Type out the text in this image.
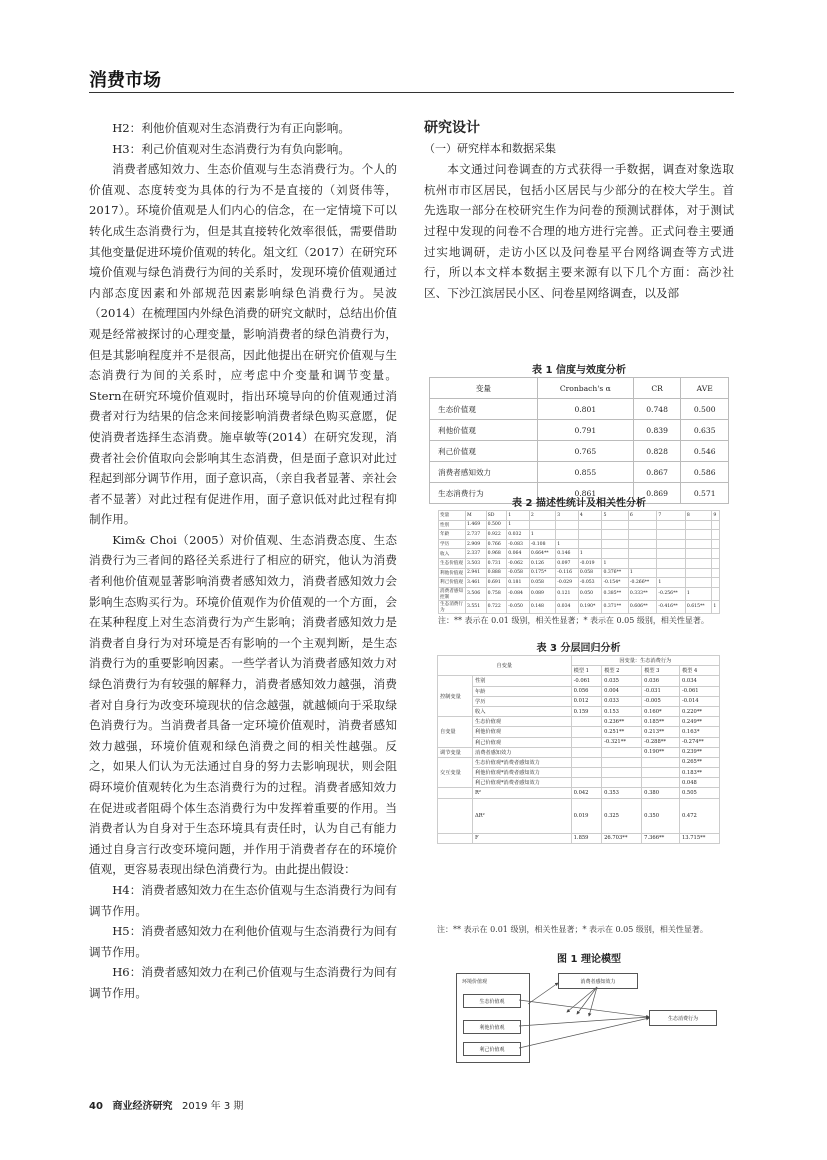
消费市场

H2：利他价值观对生态消费行为有正向影响。

H3：利己价值观对生态消费行为有负向影响。

消费者感知效力、生态价值观与生态消费行为。个人的价值观、态度转变为具体的行为不是直接的（刘贤伟等，2017）。环境价值观是人们内心的信念，在一定情境下可以转化成生态消费行为，但是其直接转化效率很低，需要借助其他变量促进环境价值观的转化。俎文红（2017）在研究环境价值观与绿色消费行为间的关系时，发现环境价值观通过内部态度因素和外部规范因素影响绿色消费行为。吴波（2014）在梳理国内外绿色消费的研究文献时，总结出价值观是经常被探讨的心理变量，影响消费者的绿色消费行为，但是其影响程度并不是很高，因此他提出在研究价值观与生态消费行为间的关系时，应考虑中介变量和调节变量。Stern在研究环境价值观时，指出环境导向的价值观通过消费者对行为结果的信念来间接影响消费者绿色购买意愿，促使消费者选择生态消费。施卓敏等(2014）在研究发现，消费者社会价值取向会影响其生态消费，但是面子意识对此过程起到部分调节作用，面子意识高，（亲自我者显著、亲社会者不显著）对此过程有促进作用，面子意识低对此过程有抑制作用。

Kim& Choi（2005）对价值观、生态消费态度、生态消费行为三者间的路径关系进行了相应的研究，他认为消费者利他价值观显著影响消费者感知效力，消费者感知效力会影响生态购买行为。环境价值观作为价值观的一个方面，会在某种程度上对生态消费行为产生影响；消费者感知效力是消费者自身行为对环境是否有影响的一个主观判断，是生态消费行为的重要影响因素。一些学者认为消费者感知效力对绿色消费行为有较强的解释力，消费者感知效力越强，消费者对自身行为改变环境现状的信念越强，就越倾向于采取绿色消费行为。当消费者具备一定环境价值观时，消费者感知效力越强，环境价值观和绿色消费之间的相关性越强。反之，如果人们认为无法通过自身的努力去影响现状，则会阻碍环境价值观转化为生态消费行为的过程。消费者感知效力在促进或者阻碍个体生态消费行为中发挥着重要的作用。当消费者认为自身对于生态环境具有责任时，认为自己有能力通过自身言行改变环境问题，并作用于消费者存在的环境价值观，更容易表现出绿色消费行为。由此提出假设：

H4：消费者感知效力在生态价值观与生态消费行为间有调节作用。

H5：消费者感知效力在利他价值观与生态消费行为间有调节作用。

H6：消费者感知效力在利己价值观与生态消费行为间有调节作用。

研究设计

（一）研究样本和数据采集

本文通过问卷调查的方式获得一手数据，调查对象选取杭州市市区居民，包括小区居民与少部分的在校大学生。首先选取一部分在校研究生作为问卷的预测试群体，对于测试过程中发现的问卷不合理的地方进行完善。正式问卷主要通过实地调研，走访小区以及问卷星平台网络调查等方式进行，所以本文样本数据主要来源有以下几个方面：高沙社区、下沙江滨居民小区、问卷星网络调查，以及部

表 1 信度与效度分析
变量	Cronbach's α	CR	AVE
生态价值观	0.801	0.748	0.500
利他价值观	0.791	0.839	0.635
利己价值观	0.765	0.828	0.546
消费者感知效力	0.855	0.867	0.586
生态消费行为	0.861	0.869	0.571
表 2 描述性统计及相关性分析
变量	M	SD	1	2	3	4	5	6	7	8	9
性别	1.469	0.500	1								
年龄	2.737	0.922	0.032	1							
学历	2.909	0.766	-0.083	-0.108	1						
收入	2.337	0.968	0.064	0.664**	0.146	1					
生态价值观	3.503	0.731	-0.062	0.126	0.097	-0.019	1				
利他价值观	2.941	0.888	-0.058	0.175*	-0.116	0.058	0.376**	1			
利己价值观	3.461	0.691	0.181	0.058	-0.029	-0.053	-0.154*	-0.266**	1		
消费者感知控制	3.506	0.758	-0.084	0.089	0.121	0.050	0.385**	0.333**	-0.256**	1	
生态消费行为	3.551	0.722	-0.050	0.148	0.034	0.190*	0.371**	0.606**	-0.416**	0.615**	1
注：** 表示在 0.01 级别，相关性显著；* 表示在 0.05 级别，相关性显著。
表 3 分层回归分析
自变量		因变量：生态消费行为			
		模型 1	模型 2	模型 3	模型 4
控制变量	性别	-0.061	0.035	0.036	0.034
	年龄	0.056	0.004	-0.031	-0.061
	学历	0.012	0.033	-0.005	-0.014
	收入	0.159	0.153	0.160*	0.220**
自变量	生态价值观		0.236**	0.185**	0.249**
	利他价值观		0.251**	0.213**	0.163*
	利己价值观		-0.321**	-0.288**	-0.274**
调节变量	消费者感知效力			0.190**	0.239**
交互变量	生态价值观*消费者感知效力				0.265**
	利他价值观*消费者感知效力				0.183**
	利己价值观*消费者感知效力				0.048
	R²	0.042	0.353	0.380	0.505
	ΔR²	0.019	0.325	0.350	0.472
	F	1.859	26.703**	7.366**	13.715**
注：** 表示在 0.01 级别，相关性显著；* 表示在 0.05 级别，相关性显著。
图 1 理论模型
环境价值观
生态价值观
利他价值观
利己价值观
消费者感知效力
生态消费行为
40 商业经济研究 2019 年 3 期
